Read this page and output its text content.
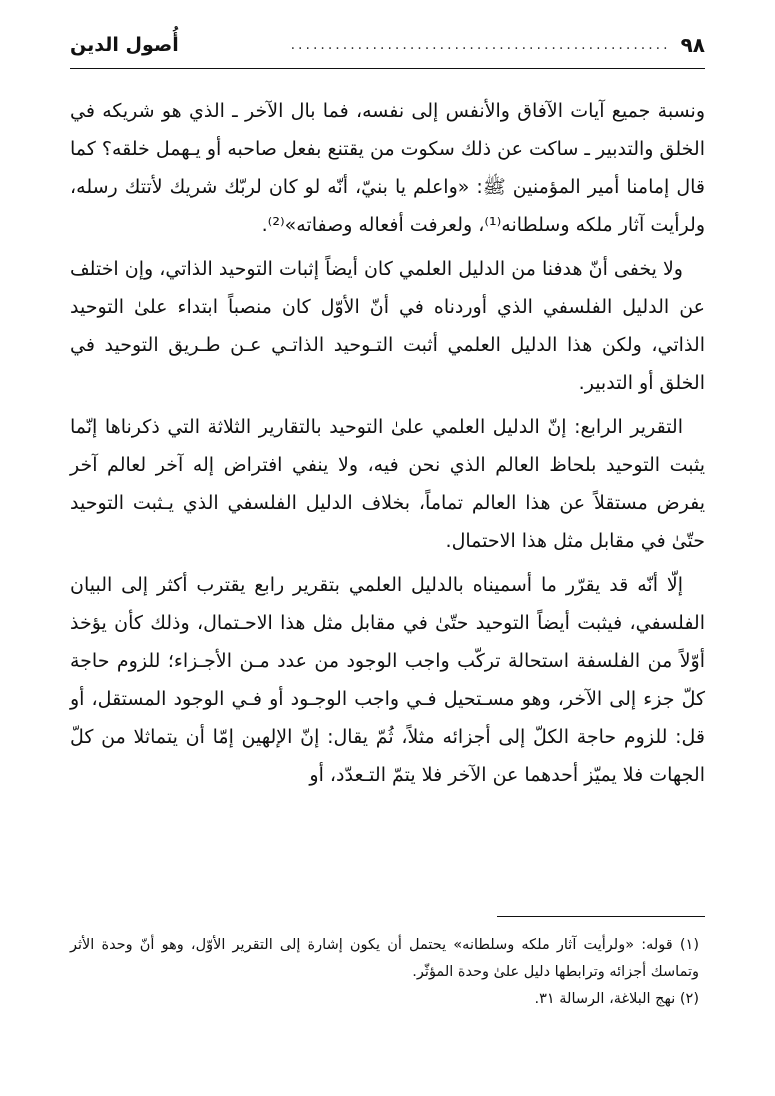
٩٨
...................................................
أُصول الدين

ونسبة جميع آيات الآفاق والأنفس إلى نفسه، فما بال الآخر ـ الذي هو شريكه في الخلق والتدبير ـ ساكت عن ذلك سكوت من يقتنع بفعل صاحبه أو يـهمل خلقه؟ كما قال إمامنا أمير المؤمنين ﷺ: «واعلم يا بنيّ، أنّه لو كان لربّك شريك لأتتك رسله، ولرأيت آثار ملكه وسلطانه⁽¹⁾، ولعرفت أفعاله وصفاته»⁽²⁾.

ولا يخفى أنّ هدفنا من الدليل العلمي كان أيضاً إثبات التوحيد الذاتي، وإن اختلف عن الدليل الفلسفي الذي أوردناه في أنّ الأوّل كان منصباً ابتداء علىٰ التوحيد الذاتي، ولكن هذا الدليل العلمي أثبت التـوحيد الذاتـي عـن طـريق التوحيد في الخلق أو التدبير.

التقرير الرابع: إنّ الدليل العلمي علىٰ التوحيد بالتقارير الثلاثة التي ذكرناها إنّما يثبت التوحيد بلحاظ العالم الذي نحن فيه، ولا ينفي افتراض إله آخر لعالم آخر يفرض مستقلاً عن هذا العالم تماماً، بخلاف الدليل الفلسفي الذي يـثبت التوحيد حتّىٰ في مقابل مثل هذا الاحتمال.

إلّا أنّه قد يقرّر ما أسميناه بالدليل العلمي بتقرير رابع يقترب أكثر إلى البيان الفلسفي، فيثبت أيضاً التوحيد حتّىٰ في مقابل مثل هذا الاحـتمال، وذلك كأن يؤخذ أوّلاً من الفلسفة استحالة تركّب واجب الوجود من عدد مـن الأجـزاء؛ للزوم حاجة كلّ جزء إلى الآخر، وهو مسـتحيل فـي واجب الوجـود أو فـي الوجود المستقل، أو قل: للزوم حاجة الكلّ إلى أجزائه مثلاً، ثُمّ يقال: إنّ الإلهين إمّا أن يتماثلا من كلّ الجهات فلا يميّز أحدهما عن الآخر فلا يتمّ التـعدّد، أو

(١) قوله: «ولرأيت آثار ملكه وسلطانه» يحتمل أن يكون إشارة إلى التقرير الأوّل، وهو أنّ وحدة الأثر وتماسك أجزائه وترابطها دليل علىٰ وحدة المؤثّر.

(٢) نهج البلاغة، الرسالة ٣١.
